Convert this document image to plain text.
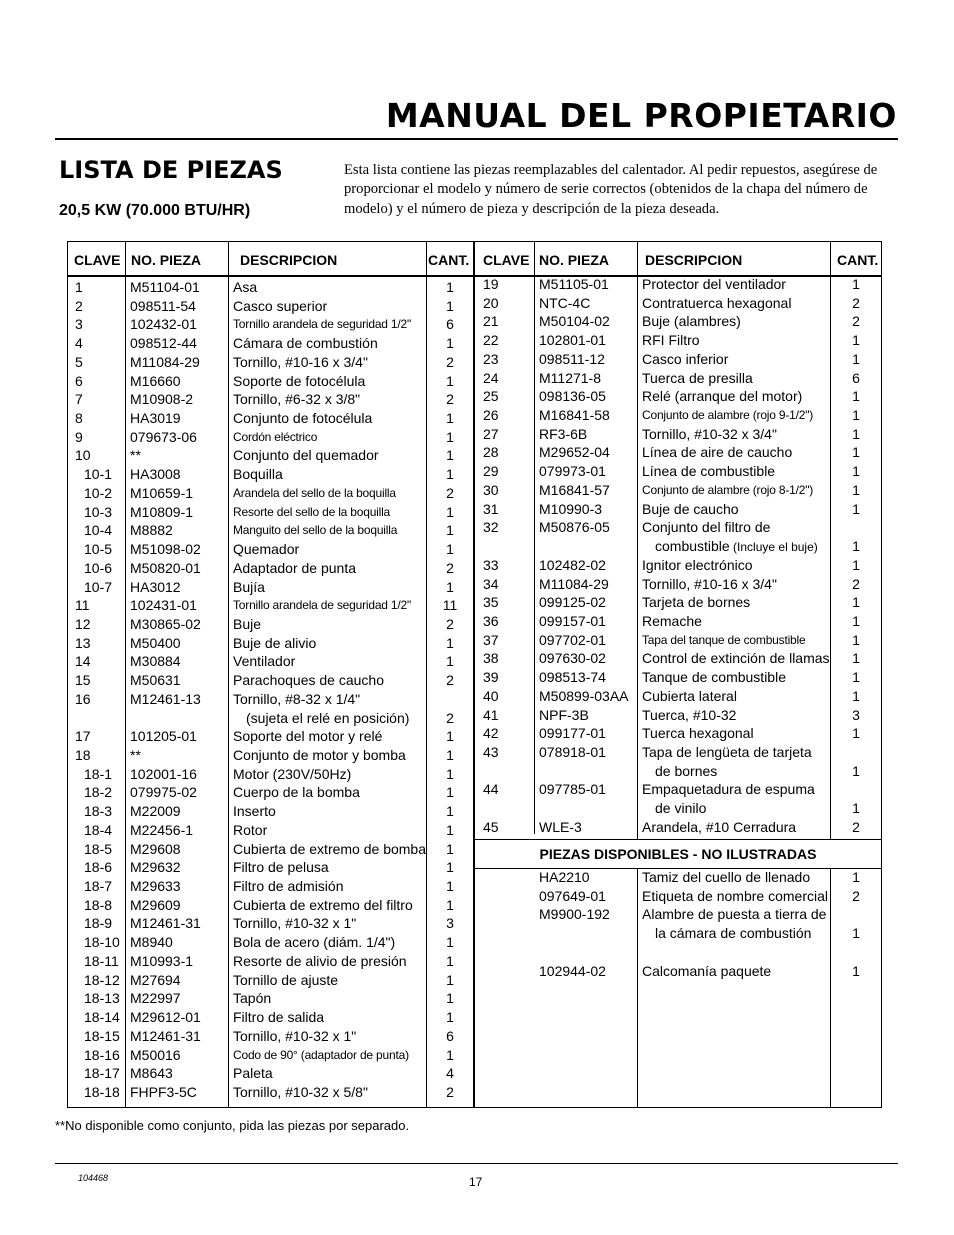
MANUAL DEL PROPIETARIO
LISTA DE PIEZAS
20,5 KW (70.000 BTU/HR)
Esta lista contiene las piezas reemplazables del calentador. Al pedir repuestos, asegúrese de proporcionar el modelo y número de serie correctos (obtenidos de la chapa del número de modelo) y el número de pieza y descripción de la pieza deseada.
CLAVE NO. PIEZA	DESCRIPCION	CANT.
1	M51104-01 Asa	1
2	098511-54	Casco superior	1
3	102432-01	Tornillo arandela de seguridad 1/2"	6
4	098512-44	Cámara de combustión	1
5	M11084-29 Tornillo, #10-16 x 3/4"	2
6	M16660	Soporte de fotocélula	1
7	M10908-2	Tornillo, #6-32 x 3/8"	2
8	HA3019	Conjunto de fotocélula	1
9	079673-06	Cordón eléctrico	1
10	**	Conjunto del quemador	1
10-1 HA3008	Boquilla	1
10-2 M10659-1	Arandela del sello de la boquilla	2
10-3 M10809-1	Resorte del sello de la boquilla	1
10-4 M8882	Manguito del sello de la boquilla	1
10-5 M51098-02 Quemador	1
10-6 M50820-01 Adaptador de punta	2
10-7 HA3012	Bujía	1
11	102431-01	Tornillo arandela de seguridad 1/2"	11
12	M30865-02 Buje	2
13	M50400	Buje de alivio	1
14	M30884	Ventilador	1
15	M50631	Parachoques de caucho	2
16	M12461-13 Tornillo, #8-32 x 1/4"
(sujeta el relé en posición)	2
17	101205-01	Soporte del motor y relé	1
18	**	Conjunto de motor y bomba	1
18-1 102001-16	Motor (230V/50Hz)	1
18-2 079975-02	Cuerpo de la bomba	1
18-3 M22009	Inserto	1
18-4 M22456-1	Rotor	1
18-5 M29608	Cubierta de extremo de bomba	1
18-6 M29632	Filtro de pelusa	1
18-7 M29633	Filtro de admisión	1
18-8 M29609	Cubierta de extremo del filtro	1
18-9 M12461-31 Tornillo, #10-32 x 1"	3
18-10 M8940	Bola de acero (diám. 1/4")	1
18-11 M10993-1	Resorte de alivio de presión	1
18-12 M27694	Tornillo de ajuste	1
18-13 M22997	Tapón	1
18-14 M29612-01 Filtro de salida	1
18-15 M12461-31 Tornillo, #10-32 x 1"	6
18-16 M50016	Codo de 90° (adaptador de punta)	1
18-17 M8643	Paleta	4
18-18 FHPF3-5C	Tornillo, #10-32 x 5/8"	2
CLAVE NO. PIEZA	DESCRIPCION	CANT.
PIEZAS DISPONIBLES - NO ILUSTRADAS
19	M51105-01 Protector del ventilador	1
20	NTC-4C	Contratuerca hexagonal	2
21	M50104-02 Buje (alambres)	2
22	102801-01	RFI Filtro	1
23	098511-12	Casco inferior	1
24	M11271-8	Tuerca de presilla	6
25	098136-05	Relé (arranque del motor)	1
26	M16841-58	Conjunto de alambre (rojo 9-1/2")	1
27	RF3-6B	Tornillo, #10-32 x 3/4"	1
28	M29652-04 Línea de aire de caucho	1
29	079973-01	Línea de combustible	1
30	M16841-57	Conjunto de alambre (rojo 8-1/2")	1
31	M10990-3	Buje de caucho	1
32	M50876-05 Conjunto del filtro de
combustible (Incluye el buje)	1
33	102482-02	Ignitor electrónico	1
34	M11084-29 Tornillo, #10-16 x 3/4"	2
35	099125-02	Tarjeta de bornes	1
36	099157-01	Remache	1
37	097702-01	Tapa del tanque de combustible	1
38	097630-02	Control de extinción de llamas	1
39	098513-74	Tanque de combustible	1
40	M50899-03AA Cubierta lateral	1
41	NPF-3B	Tuerca, #10-32	3
42	099177-01	Tuerca hexagonal	1
43	078918-01	Tapa de lengüeta de tarjeta
de bornes	1
44	097785-01	Empaquetadura de espuma
de vinilo	1
45	WLE-3	Arandela, #10 Cerradura	2
HA2210	Tamiz del cuello de llenado	1
097649-01	Etiqueta de nombre comercial	2
M9900-192 Alambre de puesta a tierra de
la cámara de combustión	1
102944-02	Calcomanía paquete	1
**No disponible como conjunto, pida las piezas por separado.
104468	17
